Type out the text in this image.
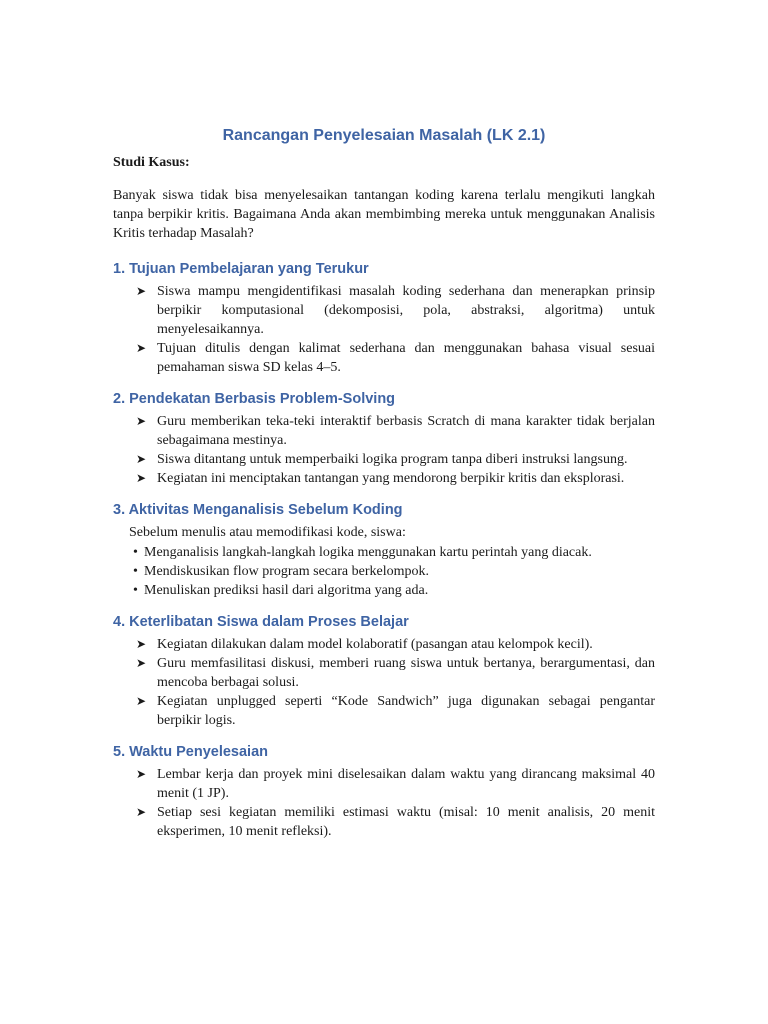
Rancangan Penyelesaian Masalah (LK 2.1)

Studi Kasus:

Banyak siswa tidak bisa menyelesaikan tantangan koding karena terlalu mengikuti langkah tanpa berpikir kritis. Bagaimana Anda akan membimbing mereka untuk menggunakan Analisis Kritis terhadap Masalah?

1. Tujuan Pembelajaran yang Terukur
➤ Siswa mampu mengidentifikasi masalah koding sederhana dan menerapkan prinsip berpikir komputasional (dekomposisi, pola, abstraksi, algoritma) untuk menyelesaikannya.
➤ Tujuan ditulis dengan kalimat sederhana dan menggunakan bahasa visual sesuai pemahaman siswa SD kelas 4–5.
2. Pendekatan Berbasis Problem-Solving
➤ Guru memberikan teka-teki interaktif berbasis Scratch di mana karakter tidak berjalan sebagaimana mestinya.
➤ Siswa ditantang untuk memperbaiki logika program tanpa diberi instruksi langsung.
➤ Kegiatan ini menciptakan tantangan yang mendorong berpikir kritis dan eksplorasi.
3. Aktivitas Menganalisis Sebelum Koding

Sebelum menulis atau memodifikasi kode, siswa:

• Menganalisis langkah-langkah logika menggunakan kartu perintah yang diacak.
• Mendiskusikan flow program secara berkelompok.
• Menuliskan prediksi hasil dari algoritma yang ada.
4. Keterlibatan Siswa dalam Proses Belajar
➤ Kegiatan dilakukan dalam model kolaboratif (pasangan atau kelompok kecil).
➤ Guru memfasilitasi diskusi, memberi ruang siswa untuk bertanya, berargumentasi, dan mencoba berbagai solusi.
➤ Kegiatan unplugged seperti “Kode Sandwich” juga digunakan sebagai pengantar berpikir logis.
5. Waktu Penyelesaian
➤ Lembar kerja dan proyek mini diselesaikan dalam waktu yang dirancang maksimal 40 menit (1 JP).
➤ Setiap sesi kegiatan memiliki estimasi waktu (misal: 10 menit analisis, 20 menit eksperimen, 10 menit refleksi).
